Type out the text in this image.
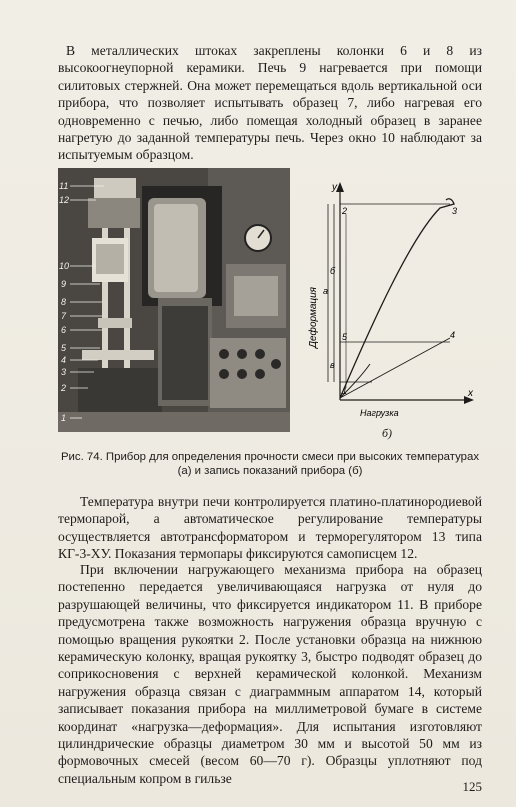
В металлических штоках закреплены колонки 6 и 8 из высокоогнеупорной керамики. Печь 9 нагревается при помощи силитовых стержней. Она может перемещаться вдоль вертикальной оси прибора, что позволяет испытывать образец 7, либо нагревая его одновременно с печью, либо помещая холодный образец в заранее нагретую до заданной температуры печь. Через окно 10 наблюдают за испытуемым образцом.

11
12
10
9
8
7
6
5
4
3
2
1
y
x
Нагрузка
Деформация
1
2	3
4
5
б
а
в
б)

Рис. 74. Прибор для определения прочности смеси при высоких температурах (а) и запись показаний прибора (б)

Температура внутри печи контролируется платино-платинородиевой термопарой, а автоматическое регулирование температуры осуществляется автотрансформатором и терморегулятором 13 типа КГ-3-ХУ. Показания термопары фиксируются самописцем 12.

При включении нагружающего механизма прибора на образец постепенно передается увеличивающаяся нагрузка от нуля до разрушающей величины, что фиксируется индикатором 11. В приборе предусмотрена также возможность нагружения образца вручную с помощью вращения рукоятки 2. После установки образца на нижнюю керамическую колонку, вращая рукоятку 3, быстро подводят образец до соприкосновения с верхней керамической колонкой. Механизм нагружения образца связан с диаграммным аппаратом 14, который записывает показания прибора на миллиметровой бумаге в системе координат «нагрузка—деформация». Для испытания изготовляют цилиндрические образцы диаметром 30 мм и высотой 50 мм из формовочных смесей (весом 60—70 г). Образцы уплотняют под специальным копром в гильзе

125
